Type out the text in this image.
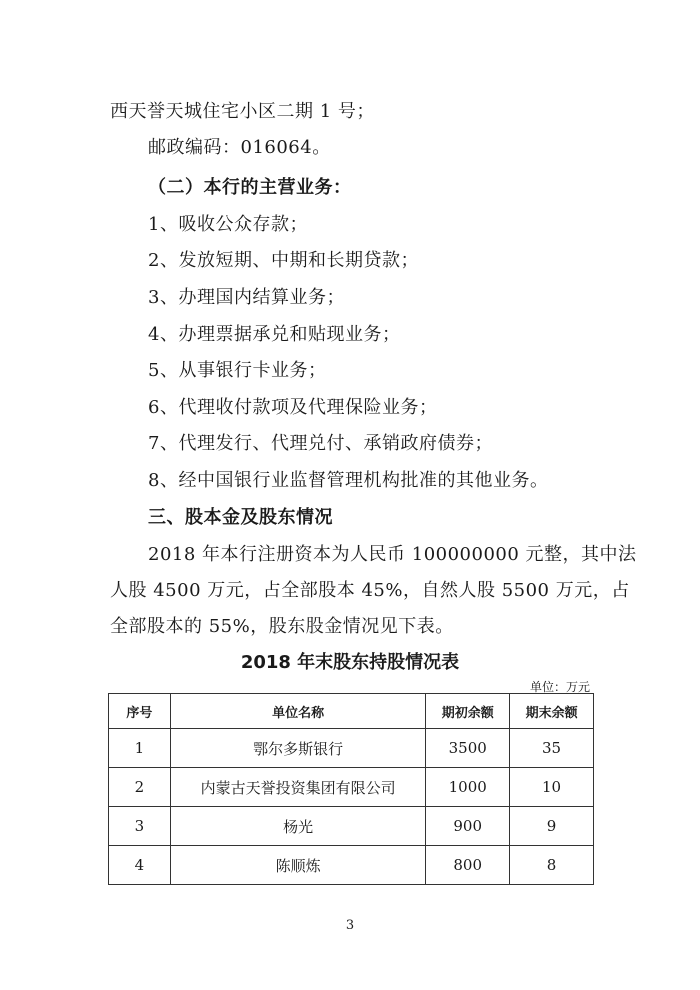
西天誉天城住宅小区二期 1 号；
邮政编码：016064。
（二）本行的主营业务：
1、吸收公众存款；
2、发放短期、中期和长期贷款；
3、办理国内结算业务；
4、办理票据承兑和贴现业务；
5、从事银行卡业务；
6、代理收付款项及代理保险业务；
7、代理发行、代理兑付、承销政府债券；
8、经中国银行业监督管理机构批准的其他业务。
三、股本金及股东情况
2018 年本行注册资本为人民币 100000000 元整，其中法
人股 4500 万元，占全部股本 45%，自然人股 5500 万元，占
全部股本的 55%，股东股金情况见下表。
2018 年末股东持股情况表
单位：万元
序号	单位名称	期初余额	期末余额
1	鄂尔多斯银行	3500	35
2	内蒙古天誉投资集团有限公司	1000	10
3	杨光	900	9
4	陈顺炼	800	8
3
